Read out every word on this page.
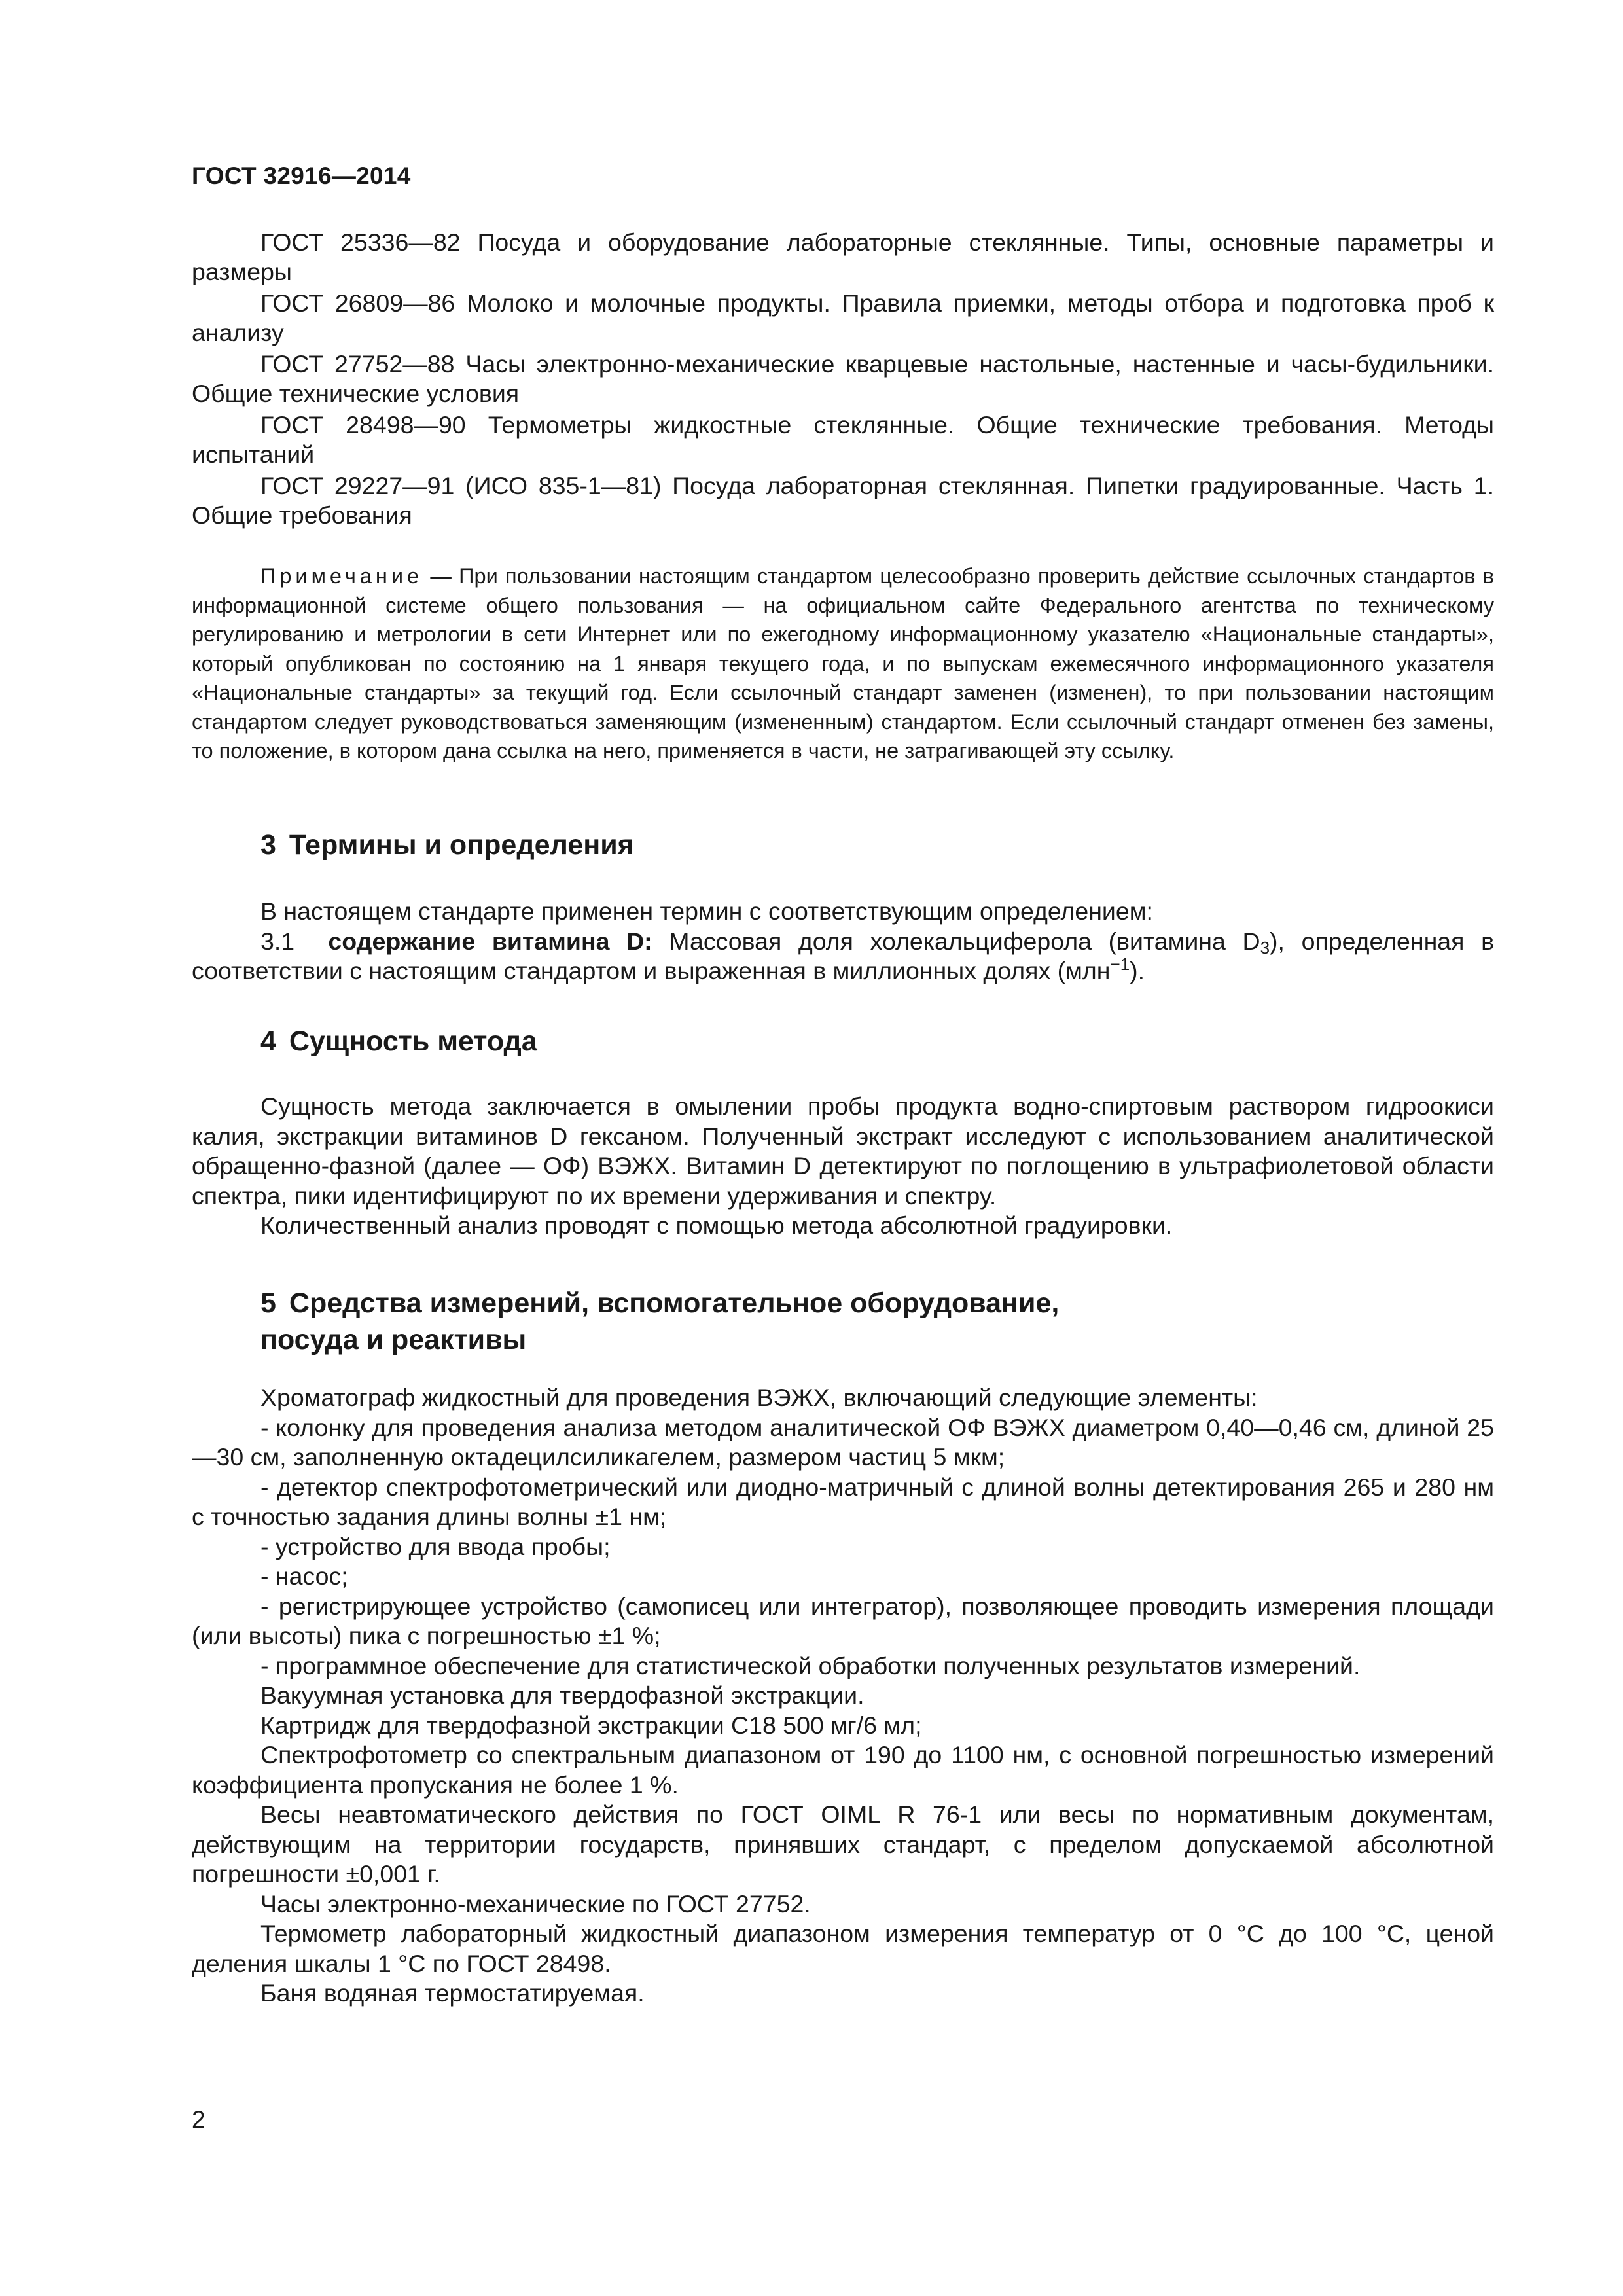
ГОСТ 32916—2014

ГОСТ 25336—82 Посуда и оборудование лабораторные стеклянные. Типы, основные параметры и размеры

ГОСТ 26809—86 Молоко и молочные продукты. Правила приемки, методы отбора и подготовка проб к анализу

ГОСТ 27752—88 Часы электронно-механические кварцевые настольные, настенные и часы-будильники. Общие технические условия

ГОСТ 28498—90 Термометры жидкостные стеклянные. Общие технические требования. Методы испытаний

ГОСТ 29227—91 (ИСО 835-1—81) Посуда лабораторная стеклянная. Пипетки градуированные. Часть 1. Общие требования

Примечание — При пользовании настоящим стандартом целесообразно проверить действие ссылочных стандартов в информационной системе общего пользования — на официальном сайте Федерального агентства по техническому регулированию и метрологии в сети Интернет или по ежегодному информационному указателю «Национальные стандарты», который опубликован по состоянию на 1 января текущего года, и по выпускам ежемесячного информационного указателя «Национальные стандарты» за текущий год. Если ссылочный стандарт заменен (изменен), то при пользовании настоящим стандартом следует руководствоваться заменяющим (измененным) стандартом. Если ссылочный стандарт отменен без замены, то положение, в котором дана ссылка на него, применяется в части, не затрагивающей эту ссылку.
3 Термины и определения

В настоящем стандарте применен термин с соответствующим определением:

3.1 содержание витамина D: Массовая доля холекальциферола (витамина $D_3$), определенная в соответствии с настоящим стандартом и выраженная в миллионных долях (млн$^{-1}$).

4 Сущность метода

Сущность метода заключается в омылении пробы продукта водно-спиртовым раствором гидроокиси калия, экстракции витаминов D гексаном. Полученный экстракт исследуют с использованием аналитической обращенно-фазной (далее — ОФ) ВЭЖХ. Витамин D детектируют по поглощению в ультрафиолетовой области спектра, пики идентифицируют по их времени удерживания и спектру.

Количественный анализ проводят с помощью метода абсолютной градуировки.

5 Средства измерений, вспомогательное оборудование,
посуда и реактивы

Хроматограф жидкостный для проведения ВЭЖХ, включающий следующие элементы:

- колонку для проведения анализа методом аналитической ОФ ВЭЖХ диаметром 0,40—0,46 см, длиной 25—30 см, заполненную октадецилсиликагелем, размером частиц 5 мкм;

- детектор спектрофотометрический или диодно-матричный с длиной волны детектирования 265 и 280 нм с точностью задания длины волны ±1 нм;

- устройство для ввода пробы;

- насос;

- регистрирующее устройство (самописец или интегратор), позволяющее проводить измерения площади (или высоты) пика с погрешностью ±1 %;

- программное обеспечение для статистической обработки полученных результатов измерений.

Вакуумная установка для твердофазной экстракции.

Картридж для твердофазной экстракции C18 500 мг/6 мл;

Спектрофотометр со спектральным диапазоном от 190 до 1100 нм, с основной погрешностью измерений коэффициента пропускания не более 1 %.

Весы неавтоматического действия по ГОСТ OIML R 76-1 или весы по нормативным документам, действующим на территории государств, принявших стандарт, с пределом допускаемой абсолютной погрешности ±0,001 г.

Часы электронно-механические по ГОСТ 27752.

Термометр лабораторный жидкостный диапазоном измерения температур от 0 °С до 100 °С, ценой деления шкалы 1 °С по ГОСТ 28498.

Баня водяная термостатируемая.

2
